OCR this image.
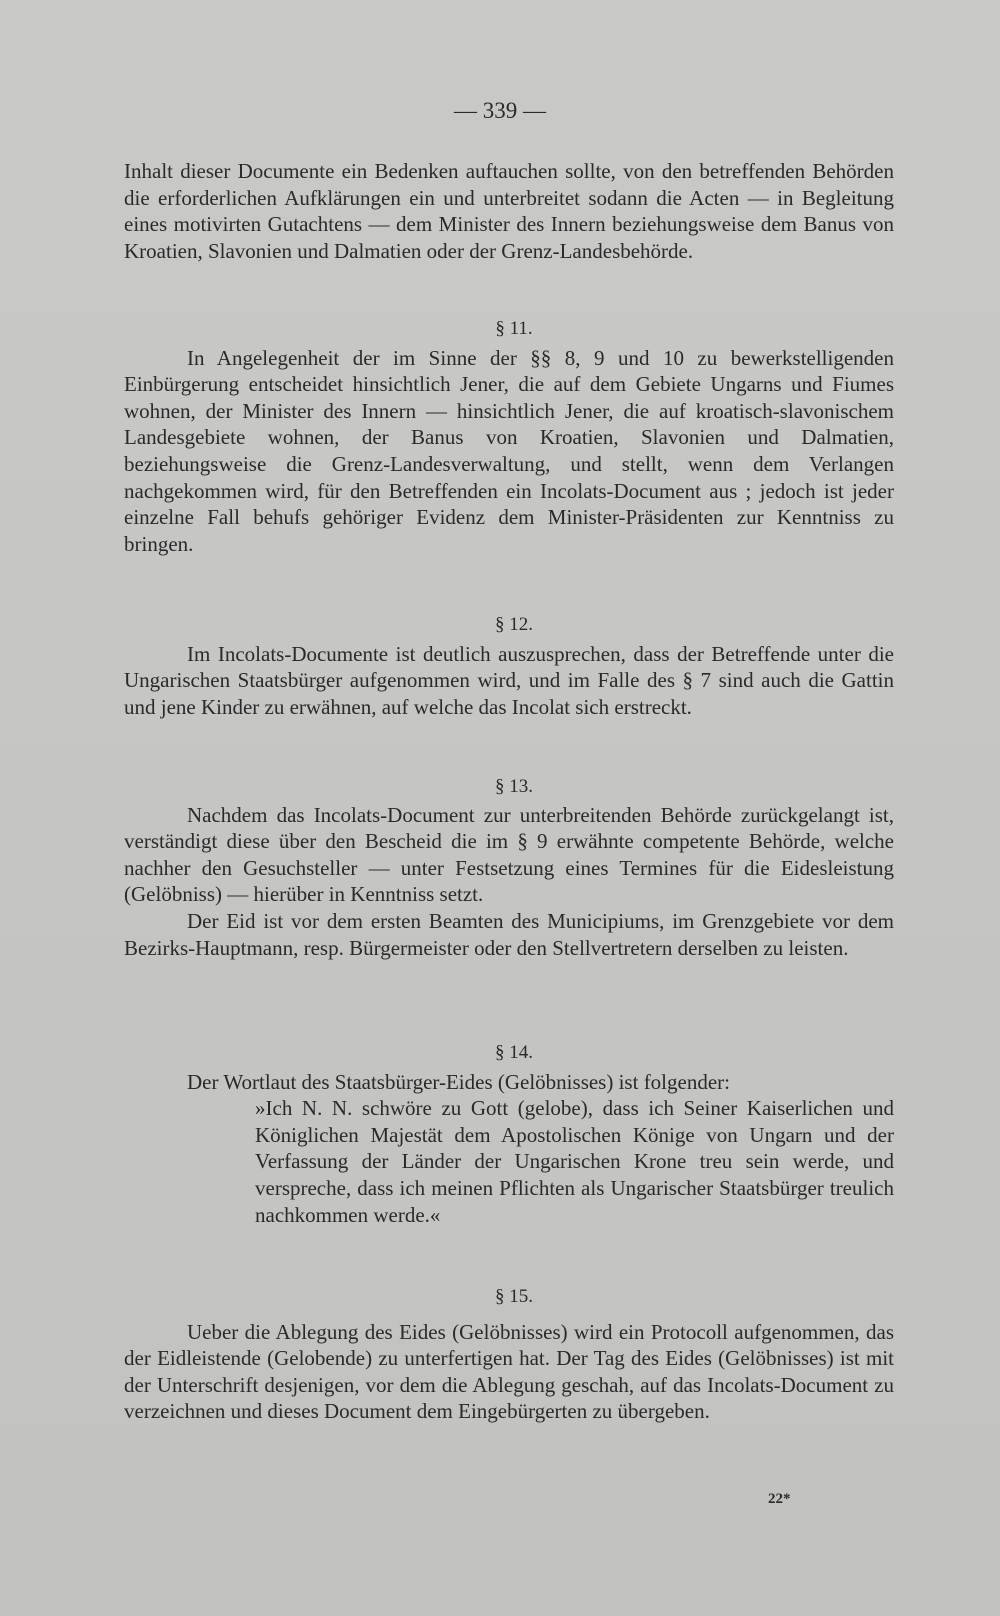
— 339 —

Inhalt dieser Documente ein Bedenken auftauchen sollte, von den betreffenden Behörden die erforderlichen Aufklärungen ein und unterbreitet sodann die Acten — in Begleitung eines motivirten Gutachtens — dem Minister des Innern beziehungsweise dem Banus von Kroatien, Slavonien und Dalmatien oder der Grenz-Landesbehörde.

§ 11.

In Angelegenheit der im Sinne der §§ 8, 9 und 10 zu bewerkstelligenden Einbürgerung entscheidet hinsichtlich Jener, die auf dem Gebiete Ungarns und Fiumes wohnen, der Minister des Innern — hinsichtlich Jener, die auf kroatisch-slavonischem Landesgebiete wohnen, der Banus von Kroatien, Slavonien und Dalmatien, beziehungsweise die Grenz-Landesverwaltung, und stellt, wenn dem Verlangen nachgekommen wird, für den Betreffenden ein Incolats-Document aus ; jedoch ist jeder einzelne Fall behufs gehöriger Evidenz dem Minister-Präsidenten zur Kenntniss zu bringen.

§ 12.

Im Incolats-Documente ist deutlich auszusprechen, dass der Betreffende unter die Ungarischen Staatsbürger aufgenommen wird, und im Falle des § 7 sind auch die Gattin und jene Kinder zu erwähnen, auf welche das Incolat sich erstreckt.

§ 13.

Nachdem das Incolats-Document zur unterbreitenden Behörde zurückgelangt ist, verständigt diese über den Bescheid die im § 9 erwähnte competente Behörde, welche nachher den Gesuchsteller — unter Festsetzung eines Termines für die Eidesleistung (Gelöbniss) — hierüber in Kenntniss setzt.

Der Eid ist vor dem ersten Beamten des Municipiums, im Grenzgebiete vor dem Bezirks-Hauptmann, resp. Bürgermeister oder den Stellvertretern derselben zu leisten.

§ 14.

Der Wortlaut des Staatsbürger-Eides (Gelöbnisses) ist folgender:

»Ich N. N. schwöre zu Gott (gelobe), dass ich Seiner Kaiserlichen und Königlichen Majestät dem Apostolischen Könige von Ungarn und der Verfassung der Länder der Ungarischen Krone treu sein werde, und verspreche, dass ich meinen Pflichten als Ungarischer Staatsbürger treulich nachkommen werde.«

§ 15.

Ueber die Ablegung des Eides (Gelöbnisses) wird ein Protocoll aufgenommen, das der Eidleistende (Gelobende) zu unterfertigen hat. Der Tag des Eides (Gelöbnisses) ist mit der Unterschrift desjenigen, vor dem die Ablegung geschah, auf das Incolats-Document zu verzeichnen und dieses Document dem Eingebürgerten zu übergeben.

22*
